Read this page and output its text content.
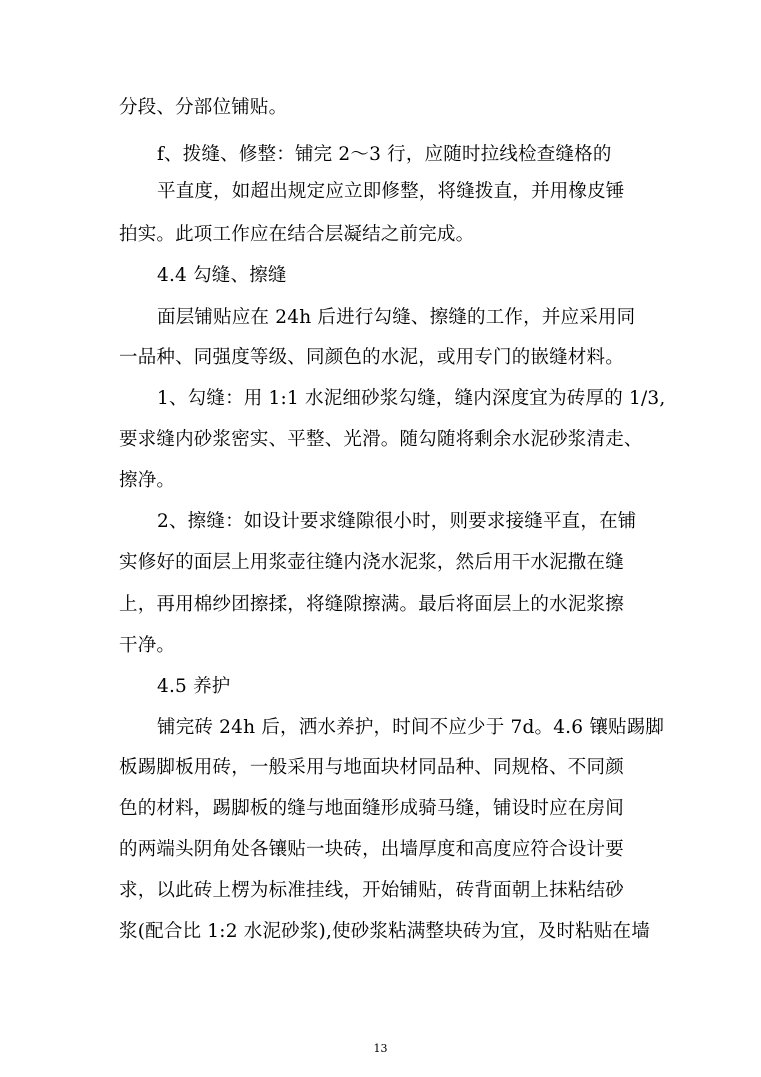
分段、分部位铺贴。
f、拨缝、修整：铺完 2～3 行，应随时拉线检查缝格的
平直度，如超出规定应立即修整，将缝拨直，并用橡皮锤
拍实。此项工作应在结合层凝结之前完成。
4.4 勾缝、擦缝
面层铺贴应在 24h 后进行勾缝、擦缝的工作，并应采用同
一品种、同强度等级、同颜色的水泥，或用专门的嵌缝材料。
1、勾缝：用 1:1 水泥细砂浆勾缝，缝内深度宜为砖厚的 1/3,
要求缝内砂浆密实、平整、光滑。随勾随将剩余水泥砂浆清走、
擦净。
2、擦缝：如设计要求缝隙很小时，则要求接缝平直，在铺
实修好的面层上用浆壶往缝内浇水泥浆，然后用干水泥撒在缝
上，再用棉纱团擦揉，将缝隙擦满。最后将面层上的水泥浆擦
干净。
4.5 养护
铺完砖 24h 后，洒水养护，时间不应少于 7d。4.6 镶贴踢脚
板踢脚板用砖，一般采用与地面块材同品种、同规格、不同颜
色的材料，踢脚板的缝与地面缝形成骑马缝，铺设时应在房间
的两端头阴角处各镶贴一块砖，出墙厚度和高度应符合设计要
求，以此砖上楞为标准挂线，开始铺贴，砖背面朝上抹粘结砂
浆(配合比 1:2 水泥砂浆),使砂浆粘满整块砖为宜，及时粘贴在墙
13
